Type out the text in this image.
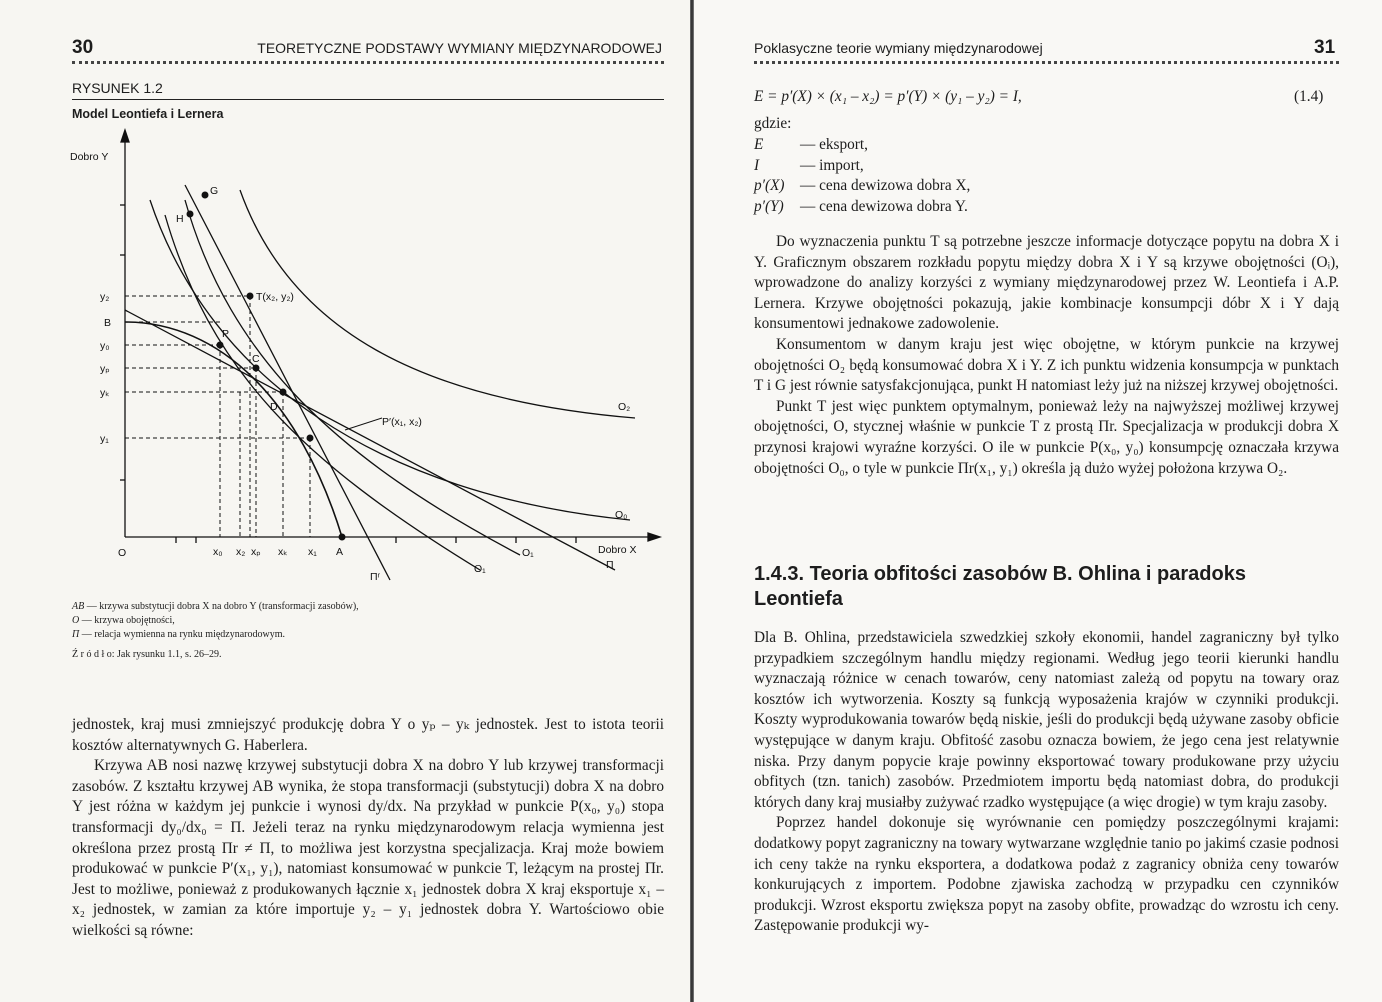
30	TEORETYCZNE PODSTAWY WYMIANY MIĘDZYNARODOWEJ
RYSUNEK 1.2
Model Leontiefa i Lernera
Dobro Y
Dobro X
O
y₂
B
y₀
yₚ
yₖ
y₁
x₀ x₂ xₚ xₖ x₁ A
G
H
T(x₂, y₂)
P
C
D
P′(x₁, x₂)
O₂
O₀
O₁
O₁	Π
Πʳ
AB — krzywa substytucji dobra X na dobro Y (transformacji zasobów),
O — krzywa obojętności,
Π — relacja wymienna na rynku międzynarodowym.
Ź r ó d ł o: Jak rysunku 1.1, s. 26–29.

jednostek, kraj musi zmniejszyć produkcję dobra Y o yₚ – yₖ jednostek. Jest to istota teorii kosztów alternatywnych G. Haberlera.

Krzywa AB nosi nazwę krzywej substytucji dobra X na dobro Y lub krzywej transformacji zasobów. Z kształtu krzywej AB wynika, że stopa transformacji (substytucji) dobra X na dobro Y jest różna w każdym jej punkcie i wynosi dy/dx. Na przykład w punkcie P(x₀, y₀) stopa transformacji dy₀/dx₀ = Π. Jeżeli teraz na rynku międzynarodowym relacja wymienna jest określona przez prostą Πr ≠ Π, to możliwa jest korzystna specjalizacja. Kraj może bowiem produkować w punkcie P′(x₁, y₁), natomiast konsumować w punkcie T, leżącym na prostej Πr. Jest to możliwe, ponieważ z produkowanych łącznie x₁ jednostek dobra X kraj eksportuje x₁ – x₂ jednostek, w zamian za które importuje y₂ – y₁ jednostek dobra Y. Wartościowo obie wielkości są równe:

Poklasyczne teorie wymiany międzynarodowej	31
E = p′(X) × (x₁ – x₂) = p′(Y) × (y₁ – y₂) = I,	(1.4)
gdzie:
E — eksport,
I	— import,
p′(X) — cena dewizowa dobra X,
p′(Y) — cena dewizowa dobra Y.

Do wyznaczenia punktu T są potrzebne jeszcze informacje dotyczące popytu na dobra X i Y. Graficznym obszarem rozkładu popytu między dobra X i Y są krzywe obojętności (Oᵢ), wprowadzone do analizy korzyści z wymiany międzynarodowej przez W. Leontiefa i A.P. Lernera. Krzywe obojętności pokazują, jakie kombinacje konsumpcji dóbr X i Y dają konsumentowi jednakowe zadowolenie.

Konsumentom w danym kraju jest więc obojętne, w którym punkcie na krzywej obojętności O₂ będą konsumować dobra X i Y. Z ich punktu widzenia konsumpcja w punktach T i G jest równie satysfakcjonująca, punkt H natomiast leży już na niższej krzywej obojętności.

Punkt T jest więc punktem optymalnym, ponieważ leży na najwyższej możliwej krzywej obojętności, O, stycznej właśnie w punkcie T z prostą Πr. Specjalizacja w produkcji dobra X przynosi krajowi wyraźne korzyści. O ile w punkcie P(x₀, y₀) konsumpcję oznaczała krzywa obojętności O₀, o tyle w punkcie Πr(x₁, y₁) określa ją dużo wyżej położona krzywa O₂.

1.4.3. Teoria obfitości zasobów B. Ohlina i paradoks Leontiefa

Dla B. Ohlina, przedstawiciela szwedzkiej szkoły ekonomii, handel zagraniczny był tylko przypadkiem szczególnym handlu między regionami. Według jego teorii kierunki handlu wyznaczają różnice w cenach towarów, ceny natomiast zależą od popytu na towary oraz kosztów ich wytworzenia. Koszty są funkcją wyposażenia krajów w czynniki produkcji. Koszty wyprodukowania towarów będą niskie, jeśli do produkcji będą używane zasoby obficie występujące w danym kraju. Obfitość zasobu oznacza bowiem, że jego cena jest relatywnie niska. Przy danym popycie kraje powinny eksportować towary produkowane przy użyciu obfitych (tzn. tanich) zasobów. Przedmiotem importu będą natomiast dobra, do produkcji których dany kraj musiałby zużywać rzadko występujące (a więc drogie) w tym kraju zasoby.

Poprzez handel dokonuje się wyrównanie cen pomiędzy poszczególnymi krajami: dodatkowy popyt zagraniczny na towary wytwarzane względnie tanio po jakimś czasie podnosi ich ceny także na rynku eksportera, a dodatkowa podaż z zagranicy obniża ceny towarów konkurujących z importem. Podobne zjawiska zachodzą w przypadku cen czynników produkcji. Wzrost eksportu zwiększa popyt na zasoby obfite, prowadząc do wzrostu ich ceny. Zastępowanie produkcji wy-
